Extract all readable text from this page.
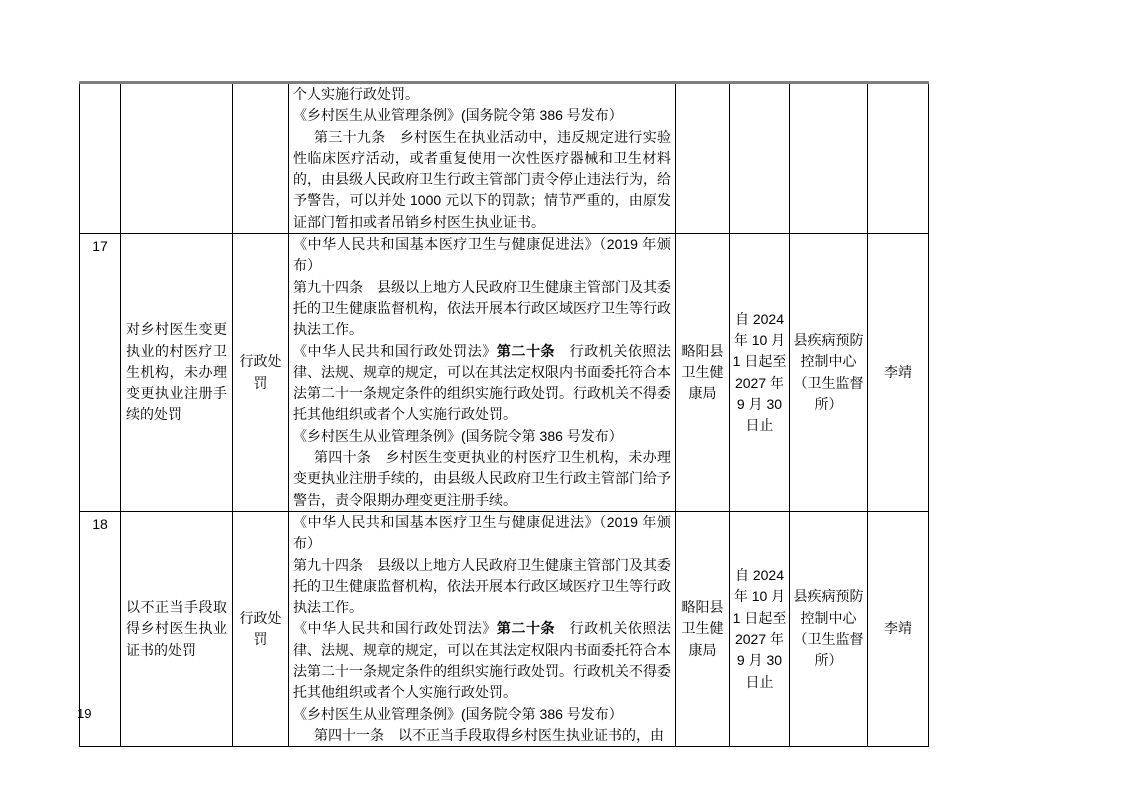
			个人实施行政处罚。
《乡村医生从业管理条例》(国务院令第 386 号发布）
第三十九条　乡村医生在执业活动中，违反规定进行实验性临床医疗活动，或者重复使用一次性医疗器械和卫生材料的，由县级人民政府卫生行政主管部门责令停止违法行为，给予警告，可以并处 1000 元以下的罚款；情节严重的，由原发证部门暂扣或者吊销乡村医生执业证书。				

17	对乡村医生变更执业的村医疗卫生机构，未办理变更执业注册手续的处罚	行政处罚	《中华人民共和国基本医疗卫生与健康促进法》（2019 年颁布）
第九十四条　县级以上地方人民政府卫生健康主管部门及其委托的卫生健康监督机构，依法开展本行政区域医疗卫生等行政执法工作。
《中华人民共和国行政处罚法》第二十条　行政机关依照法律、法规、规章的规定，可以在其法定权限内书面委托符合本法第二十一条规定条件的组织实施行政处罚。行政机关不得委托其他组织或者个人实施行政处罚。
《乡村医生从业管理条例》(国务院令第 386 号发布）
第四十条　乡村医生变更执业的村医疗卫生机构，未办理变更执业注册手续的，由县级人民政府卫生行政主管部门给予警告，责令限期办理变更注册手续。	略阳县卫生健康局	自 2024 年 10 月 1 日起至 2027 年 9 月 30 日止	县疾病预防控制中心（卫生监督所）	李靖
18	以不正当手段取得乡村医生执业证书的处罚	行政处罚	《中华人民共和国基本医疗卫生与健康促进法》（2019 年颁布）
第九十四条　县级以上地方人民政府卫生健康主管部门及其委托的卫生健康监督机构，依法开展本行政区域医疗卫生等行政执法工作。
《中华人民共和国行政处罚法》第二十条　行政机关依照法律、法规、规章的规定，可以在其法定权限内书面委托符合本法第二十一条规定条件的组织实施行政处罚。行政机关不得委托其他组织或者个人实施行政处罚。
《乡村医生从业管理条例》(国务院令第 386 号发布）
第四十一条　以不正当手段取得乡村医生执业证书的，由	略阳县卫生健康局	自 2024 年 10 月 1 日起至 2027 年 9 月 30 日止	县疾病预防控制中心（卫生监督所）	李靖
19
